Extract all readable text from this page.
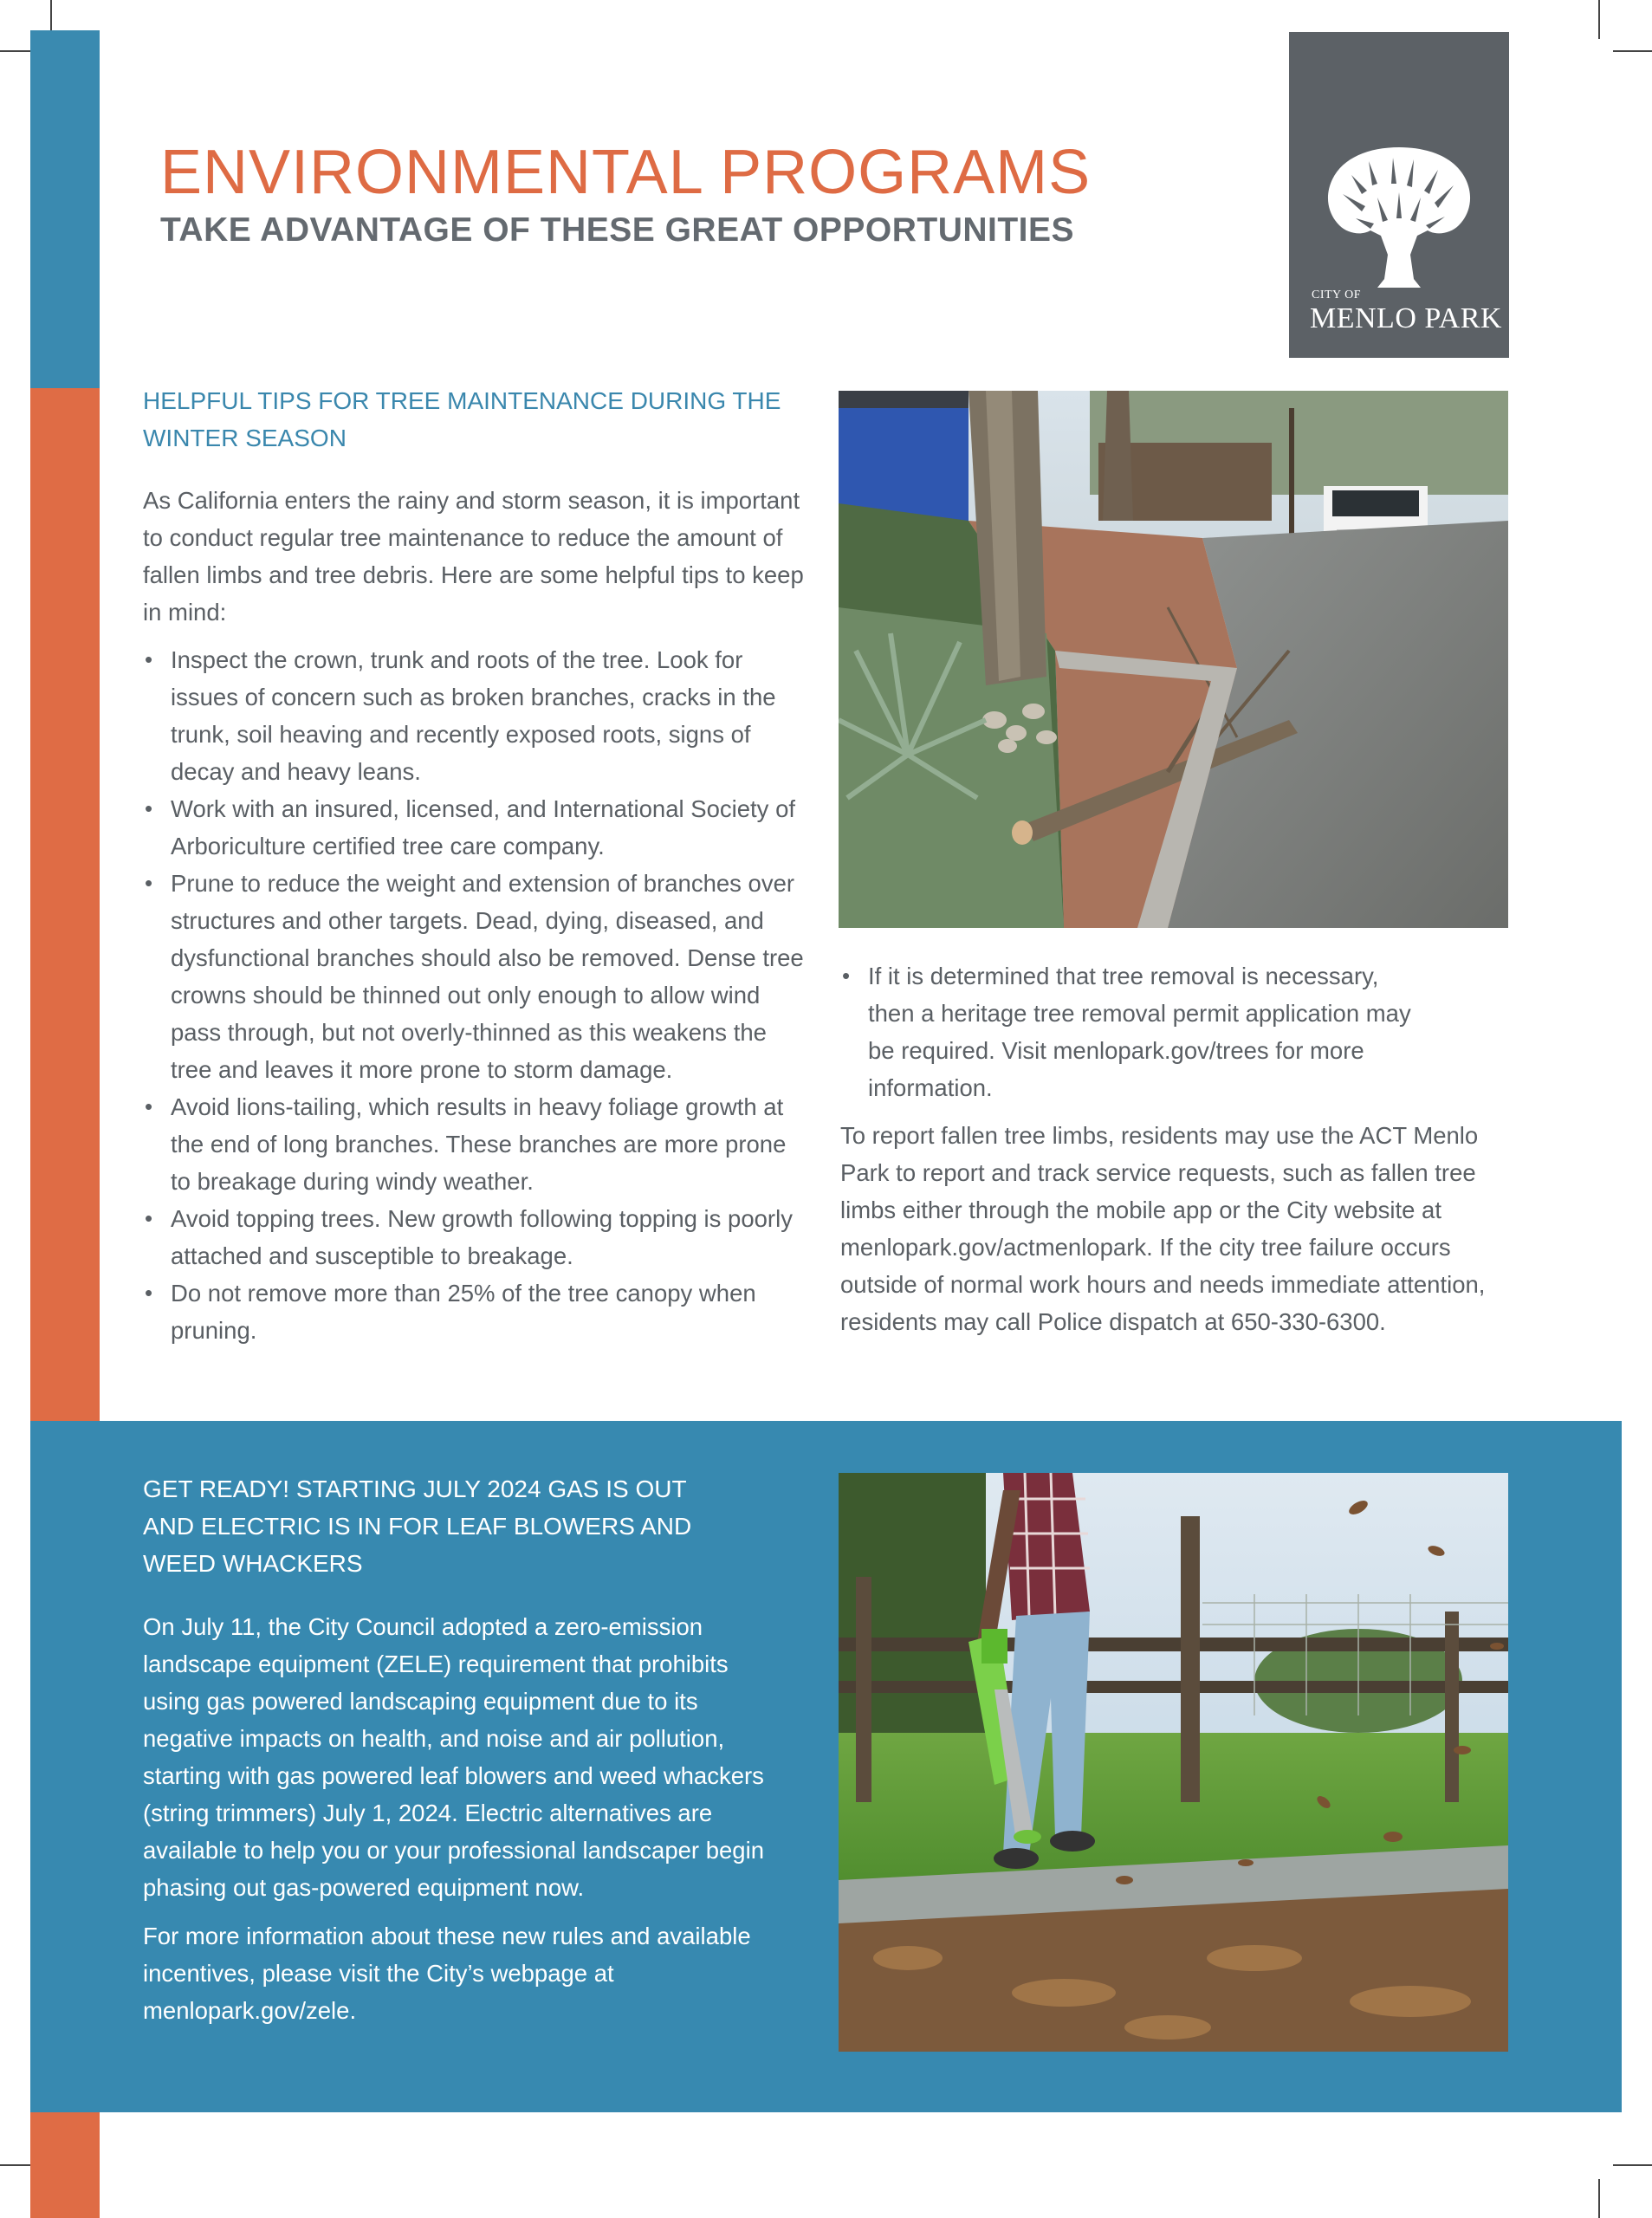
ENVIRONMENTAL PROGRAMS
TAKE ADVANTAGE OF THESE GREAT OPPORTUNITIES
CITY OF
MENLO PARK
HELPFUL TIPS FOR TREE MAINTENANCE DURING THE
WINTER SEASON

As California enters the rainy and storm season, it is important to conduct regular tree maintenance to reduce the amount of fallen limbs and tree debris. Here are some helpful tips to keep in mind:

• Inspect the crown, trunk and roots of the tree. Look for issues of concern such as broken branches, cracks in the trunk, soil heaving and recently exposed roots, signs of decay and heavy leans.
• Work with an insured, licensed, and International Society of Arboriculture certified tree care company.
• Prune to reduce the weight and extension of branches over structures and other targets. Dead, dying, diseased, and dysfunctional branches should also be removed. Dense tree crowns should be thinned out only enough to allow wind pass through, but not overly-thinned as this weakens the tree and leaves it more prone to storm damage.
• Avoid lions-tailing, which results in heavy foliage growth at the end of long branches. These branches are more prone to breakage during windy weather.
• Avoid topping trees. New growth following topping is poorly attached and susceptible to breakage.
• Do not remove more than 25% of the tree canopy when pruning.
• If it is determined that tree removal is necessary, then a heritage tree removal permit application may be required. Visit menlopark.gov/trees for more information.

To report fallen tree limbs, residents may use the ACT Menlo Park to report and track service requests, such as fallen tree limbs either through the mobile app or the City website at menlopark.gov/actmenlopark. If the city tree failure occurs outside of normal work hours and needs immediate attention, residents may call Police dispatch at 650-330-6300.

GET READY! STARTING JULY 2024 GAS IS OUT
AND ELECTRIC IS IN FOR LEAF BLOWERS AND
WEED WHACKERS

On July 11, the City Council adopted a zero-emission landscape equipment (ZELE) requirement that prohibits using gas powered landscaping equipment due to its negative impacts on health, and noise and air pollution, starting with gas powered leaf blowers and weed whackers (string trimmers) July 1, 2024. Electric alternatives are available to help you or your professional landscaper begin phasing out gas-powered equipment now.

For more information about these new rules and available incentives, please visit the City’s webpage at menlopark.gov/zele.
